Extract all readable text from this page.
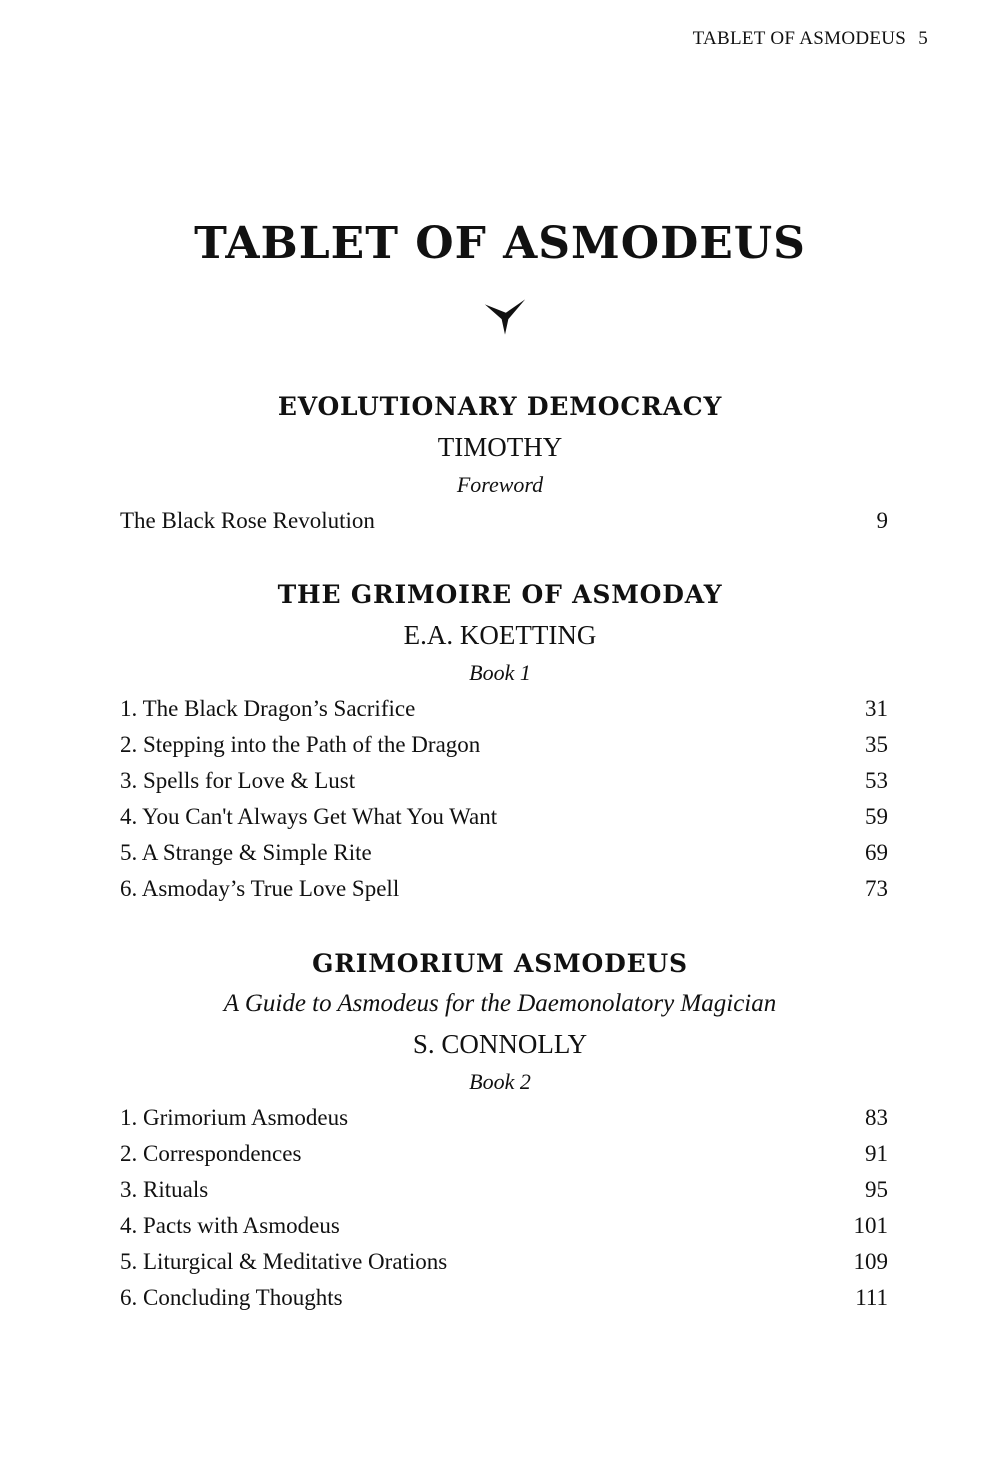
TABLET OF ASMODEUS 5
TABLET OF ASMODEUS
EVOLUTIONARY DEMOCRACY
TIMOTHY
Foreword
The Black Rose Revolution	9
THE GRIMOIRE OF ASMODAY
E.A. KOETTING
Book 1
1. The Black Dragon’s Sacrifice	31
2. Stepping into the Path of the Dragon	35
3. Spells for Love & Lust	53
4. You Can't Always Get What You Want	59
5. A Strange & Simple Rite	69
6. Asmoday’s True Love Spell	73
GRIMORIUM ASMODEUS
A Guide to Asmodeus for the Daemonolatory Magician
S. CONNOLLY
Book 2
1. Grimorium Asmodeus	83
2. Correspondences	91
3. Rituals	95
4. Pacts with Asmodeus	101
5. Liturgical & Meditative Orations	109
6. Concluding Thoughts	111
